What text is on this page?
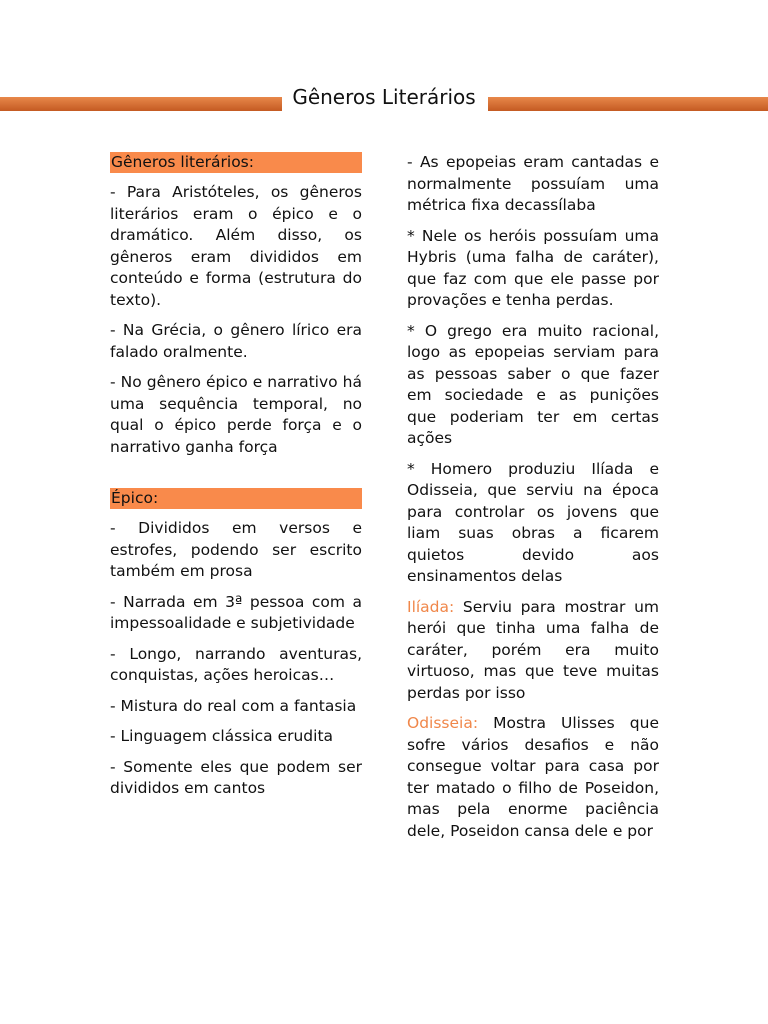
Gêneros Literários
Gêneros literários:

- Para Aristóteles, os gêneros literários eram o épico e o dramático. Além disso, os gêneros eram divididos em conteúdo e forma (estrutura do texto).

- Na Grécia, o gênero lírico era falado oralmente.

- No gênero épico e narrativo há uma sequência temporal, no qual o épico perde força e o narrativo ganha força

Épico:

- Divididos em versos e estrofes, podendo ser escrito também em prosa

- Narrada em 3ª pessoa com a impessoalidade e subjetividade

- Longo, narrando aventuras, conquistas, ações heroicas…

- Mistura do real com a fantasia

- Linguagem clássica erudita

- Somente eles que podem ser divididos em cantos

- As epopeias eram cantadas e normalmente possuíam uma métrica fixa decassílaba

* Nele os heróis possuíam uma Hybris (uma falha de caráter), que faz com que ele passe por provações e tenha perdas.

* O grego era muito racional, logo as epopeias serviam para as pessoas saber o que fazer em sociedade e as punições que poderiam ter em certas ações

* Homero produziu Ilíada e Odisseia, que serviu na época para controlar os jovens que liam suas obras a ficarem quietos devido aos ensinamentos delas

Ilíada: Serviu para mostrar um herói que tinha uma falha de caráter, porém era muito virtuoso, mas que teve muitas perdas por isso

Odisseia: Mostra Ulisses que sofre vários desafios e não consegue voltar para casa por ter matado o filho de Poseidon, mas pela enorme paciência dele, Poseidon cansa dele e por
